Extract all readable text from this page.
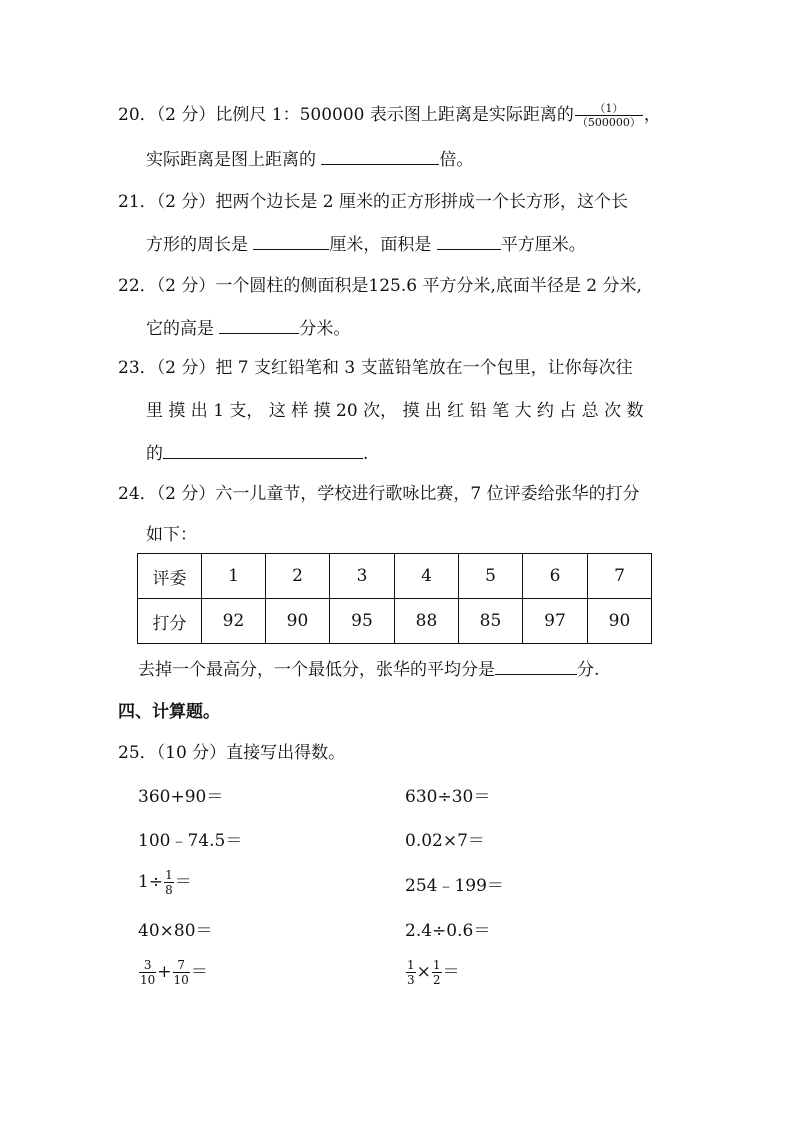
20．（2 分）比例尺 1：500000 表示图上距离是实际距离的 $\frac{(1)}{(500000)}$ ，
实际距离是图上距离的	倍。
21．（2 分）把两个边长是 2 厘米的正方形拼成一个长方形，这个长
方形的周长是	厘米，面积是	平方厘米。
22．（2 分）一个圆柱的侧面积是125.6 平方分米,底面半径是 2 分米,
它的高是	分米。
23．（2 分）把 7 支红铅笔和 3 支蓝铅笔放在一个包里，让你每次往
里 摸 出 1 支， 这 样 摸 20 次， 摸 出 红 铅 笔 大 约 占 总 次 数
的	.
24．（2 分）六一儿童节，学校进行歌咏比赛，7 位评委给张华的打分
如下：
评委	1	2	3	4	5	6	7
打分	92	90	95	88	85	97	90
去掉一个最高分，一个最低分，张华的平均分是	分.
四、计算题。
25．（10 分）直接写出得数。
360+90＝	630÷30＝
100﹣74.5＝	0.02×7＝
$1\div \frac{1}{8}$ ＝	254﹣199＝
40×80＝	2.4÷0.6＝
$\frac{3}{10} + \frac{7}{10}$ ＝	$\frac{1}{3} \times \frac{1}{2}$ ＝
